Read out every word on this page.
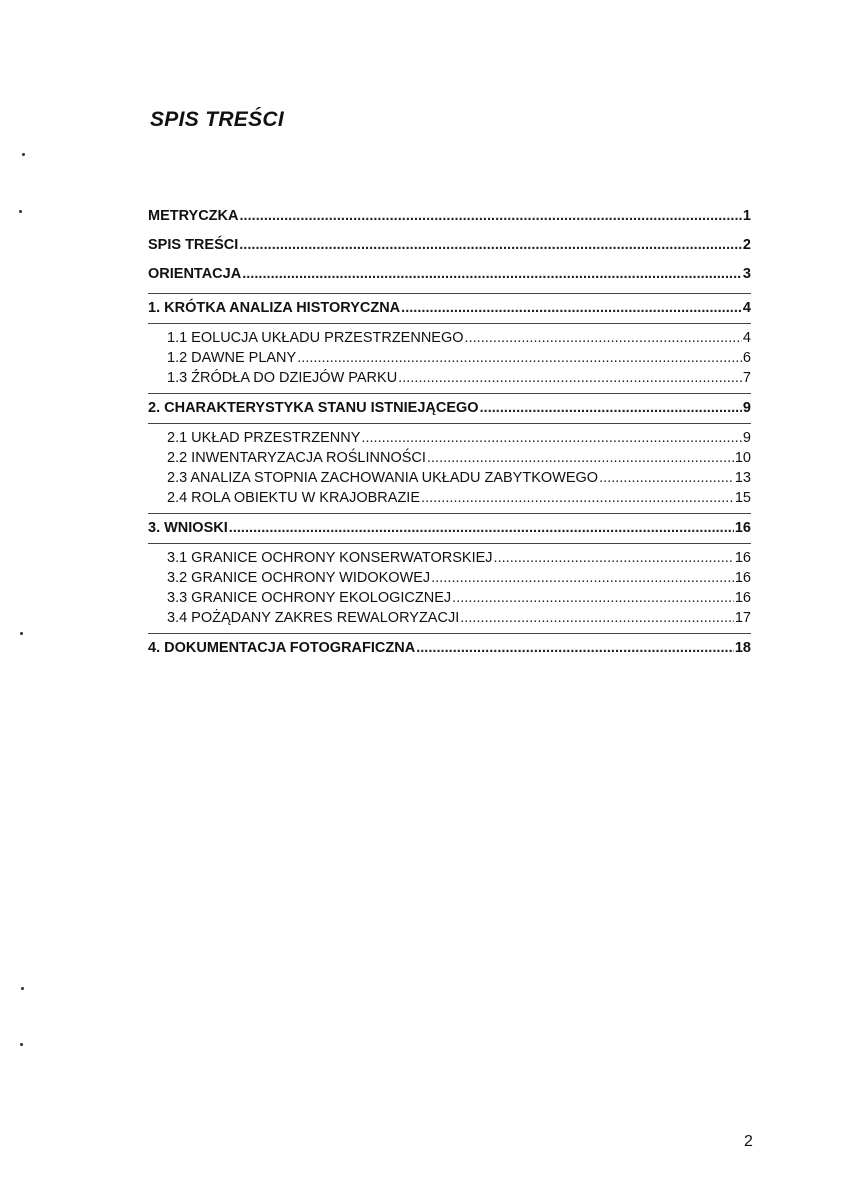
SPIS TREŚCI
METRYCZKA . . .	1
SPIS TREŚCI . . .	2
ORIENTACJA . . .	3
1. KRÓTKA ANALIZA HISTORYCZNA . . .	4
1.1 EOLUCJA UKŁADU PRZESTRZENNEGO . . .	4
1.2 DAWNE PLANY . . .	6
1.3 ŹRÓDŁA DO DZIEJÓW PARKU . . .	7
2. CHARAKTERYSTYKA STANU ISTNIEJĄCEGO . . .	9
2.1 UKŁAD PRZESTRZENNY . . .	9
2.2 INWENTARYZACJA ROŚLINNOŚCI . . .	10
2.3 ANALIZA STOPNIA ZACHOWANIA UKŁADU ZABYTKOWEGO . . .	13
2.4 ROLA OBIEKTU W KRAJOBRAZIE . . .	15
3. WNIOSKI . . .	16
3.1 GRANICE OCHRONY KONSERWATORSKIEJ . . .	16
3.2 GRANICE OCHRONY WIDOKOWEJ . . .	16
3.3 GRANICE OCHRONY EKOLOGICZNEJ . . .	16
3.4 POŻĄDANY ZAKRES REWALORYZACJI . . .	17
4. DOKUMENTACJA FOTOGRAFICZNA . . .	18
2
